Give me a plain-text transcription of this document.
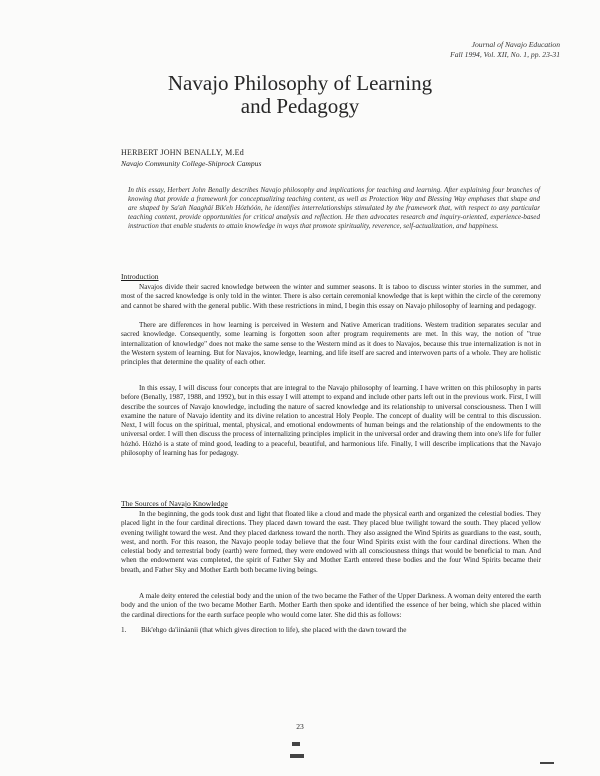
Journal of Navajo Education
Fall 1994, Vol. XII, No. 1, pp. 23-31
Navajo Philosophy of Learning
and Pedagogy
HERBERT JOHN BENALLY, M.Ed
Navajo Community College-Shiprock Campus

In this essay, Herbert John Benally describes Navajo philosophy and implications for teaching and learning. After explaining four branches of knowing that provide a framework for conceptualizing teaching content, as well as Protection Way and Blessing Way emphases that shape and are shaped by Sa'ah Naagháí Bik'eh Hózhóón, he identifies interrelationships stimulated by the framework that, with respect to any particular teaching content, provide opportunities for critical analysis and reflection. He then advocates research and inquiry-oriented, experience-based instruction that enable students to attain knowledge in ways that promote spirituality, reverence, self-actualization, and happiness.

Introduction

Navajos divide their sacred knowledge between the winter and summer seasons. It is taboo to discuss winter stories in the summer, and most of the sacred knowledge is only told in the winter. There is also certain ceremonial knowledge that is kept within the circle of the ceremony and cannot be shared with the general public. With these restrictions in mind, I begin this essay on Navajo philosophy of learning and pedagogy.

There are differences in how learning is perceived in Western and Native American traditions. Western tradition separates secular and sacred knowledge. Consequently, some learning is forgotten soon after program requirements are met. In this way, the notion of "true internalization of knowledge" does not make the same sense to the Western mind as it does to Navajos, because this true internalization is not in the Western system of learning. But for Navajos, knowledge, learning, and life itself are sacred and interwoven parts of a whole. They are holistic principles that determine the quality of each other.

In this essay, I will discuss four concepts that are integral to the Navajo philosophy of learning. I have written on this philosophy in parts before (Benally, 1987, 1988, and 1992), but in this essay I will attempt to expand and include other parts left out in the previous work. First, I will describe the sources of Navajo knowledge, including the nature of sacred knowledge and its relationship to universal consciousness. Then I will examine the nature of Navajo identity and its divine relation to ancestral Holy People. The concept of duality will be central to this discussion. Next, I will focus on the spiritual, mental, physical, and emotional endowments of human beings and the relationship of the endowments to the universal order. I will then discuss the process of internalizing principles implicit in the universal order and drawing them into one's life for fuller hózhó. Hózhó is a state of mind good, leading to a peaceful, beautiful, and harmonious life. Finally, I will describe implications that the Navajo philosophy of learning has for pedagogy.

The Sources of Navajo Knowledge

In the beginning, the gods took dust and light that floated like a cloud and made the physical earth and organized the celestial bodies. They placed light in the four cardinal directions. They placed dawn toward the east. They placed blue twilight toward the south. They placed yellow evening twilight toward the west. And they placed darkness toward the north. They also assigned the Wind Spirits as guardians to the east, south, west, and north. For this reason, the Navajo people today believe that the four Wind Spirits exist with the four cardinal directions. When the celestial body and terrestrial body (earth) were formed, they were endowed with all consciousness things that would be beneficial to man. And when the endowment was completed, the spirit of Father Sky and Mother Earth entered these bodies and the four Wind Spirits became their breath, and Father Sky and Mother Earth both became living beings.

A male deity entered the celestial body and the union of the two became the Father of the Upper Darkness. A woman deity entered the earth body and the union of the two became Mother Earth. Mother Earth then spoke and identified the essence of her being, which she placed within the cardinal directions for the earth surface people who would come later. She did this as follows:

1. Bik'ehgo da'iináanii (that which gives direction to life), she placed with the dawn toward the
23
